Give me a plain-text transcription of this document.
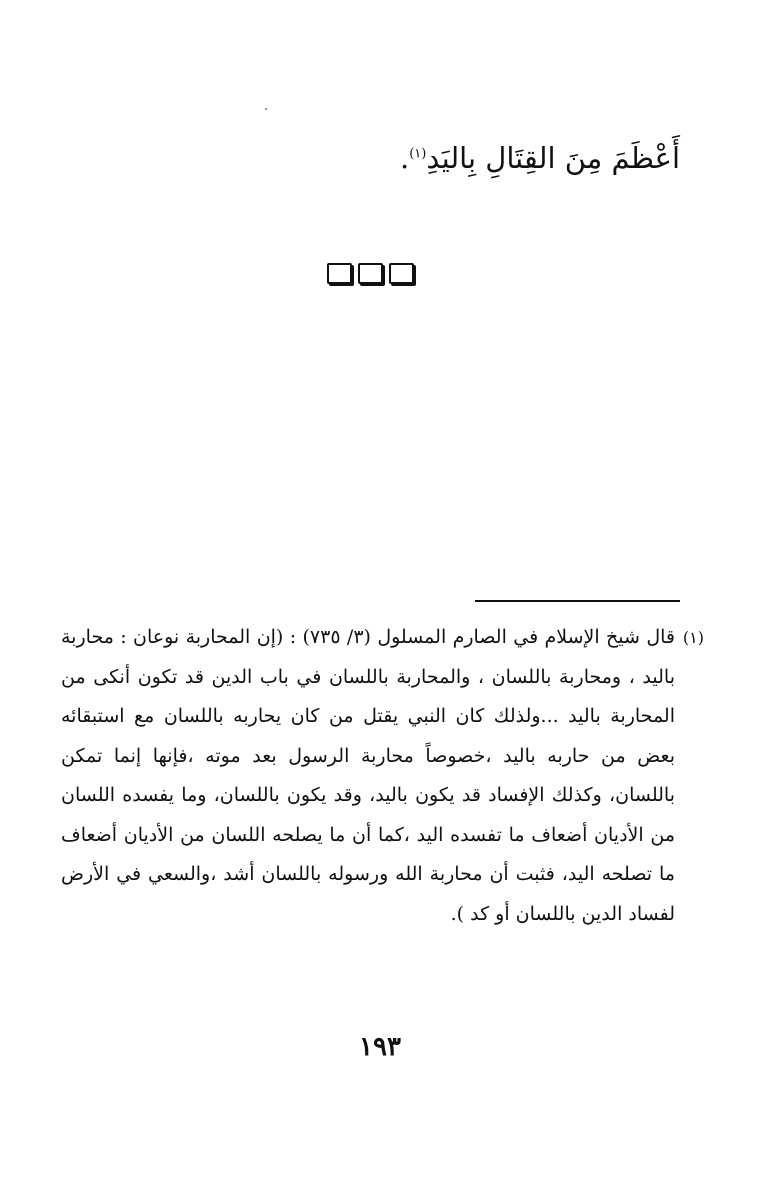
أَعْظَمَ مِنَ القِتَالِ بِاليَدِ$^{(١)}$.
(١)
قال شيخ الإسلام في الصارم المسلول (٣/ ٧٣٥) : (إن المحاربة نوعان : محاربة باليد ، ومحاربة باللسان ، والمحاربة باللسان في باب الدين قد تكون أنكى من المحاربة باليد ...ولذلك كان النبي يقتل من كان يحاربه باللسان مع استبقائه بعض من حاربه باليد ،خصوصاً محاربة الرسول بعد موته ،فإنها إنما تمكن باللسان، وكذلك الإفساد قد يكون باليد، وقد يكون باللسان، وما يفسده اللسان من الأديان أضعاف ما تفسده اليد ،كما أن ما يصلحه اللسان من الأديان أضعاف ما تصلحه اليد، فثبت أن محاربة الله ورسوله باللسان أشد ،والسعي في الأرض لفساد الدين باللسان أو كد ).
١٩٣
